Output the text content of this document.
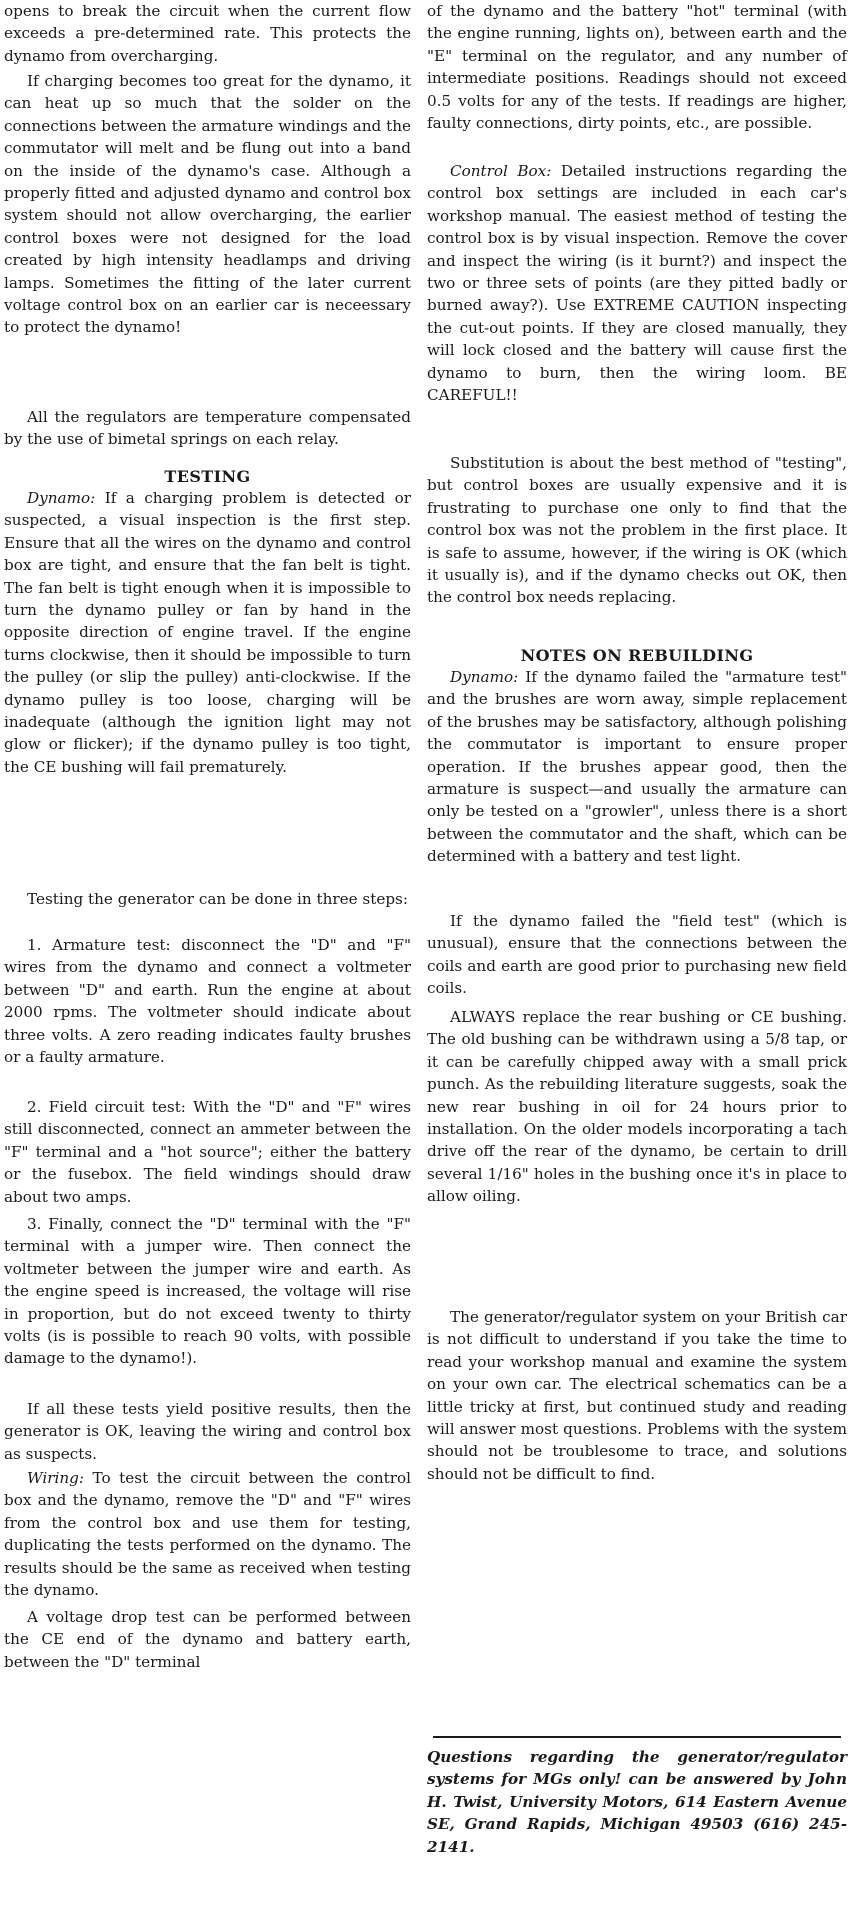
opens to break the circuit when the current flow exceeds a pre-determined rate. This protects the dynamo from overcharging.

If charging becomes too great for the dynamo, it can heat up so much that the solder on the connections between the armature windings and the commutator will melt and be flung out into a band on the inside of the dynamo's case. Although a properly fitted and adjusted dynamo and control box system should not allow overcharging, the earlier control boxes were not designed for the load created by high intensity headlamps and driving lamps. Sometimes the fitting of the later current voltage control box on an earlier car is neceessary to protect the dynamo!

All the regulators are temperature compensated by the use of bimetal springs on each relay.

TESTING

Dynamo: If a charging problem is detected or suspected, a visual inspection is the first step. Ensure that all the wires on the dynamo and control box are tight, and ensure that the fan belt is tight. The fan belt is tight enough when it is impossible to turn the dynamo pulley or fan by hand in the opposite direction of engine travel. If the engine turns clockwise, then it should be impossible to turn the pulley (or slip the pulley) anti-clockwise. If the dynamo pulley is too loose, charging will be inadequate (although the ignition light may not glow or flicker); if the dynamo pulley is too tight, the CE bushing will fail prematurely.

Testing the generator can be done in three steps:

1. Armature test: disconnect the "D" and "F" wires from the dynamo and connect a voltmeter between "D" and earth. Run the engine at about 2000 rpms. The voltmeter should indicate about three volts. A zero reading indicates faulty brushes or a faulty armature.

2. Field circuit test: With the "D" and "F" wires still disconnected, connect an ammeter between the "F" terminal and a "hot source"; either the battery or the fusebox. The field windings should draw about two amps.

3. Finally, connect the "D" terminal with the "F" terminal with a jumper wire. Then connect the voltmeter between the jumper wire and earth. As the engine speed is increased, the voltage will rise in proportion, but do not exceed twenty to thirty volts (is is possible to reach 90 volts, with possible damage to the dynamo!).

If all these tests yield positive results, then the generator is OK, leaving the wiring and control box as suspects.

Wiring: To test the circuit between the control box and the dynamo, remove the "D" and "F" wires from the control box and use them for testing, duplicating the tests performed on the dynamo. The results should be the same as received when testing the dynamo.

A voltage drop test can be performed between the CE end of the dynamo and battery earth, between the "D" terminal

of the dynamo and the battery "hot" terminal (with the engine running, lights on), between earth and the "E" terminal on the regulator, and any number of intermediate positions. Readings should not exceed 0.5 volts for any of the tests. If readings are higher, faulty connections, dirty points, etc., are possible.

Control Box: Detailed instructions regarding the control box settings are included in each car's workshop manual. The easiest method of testing the control box is by visual inspection. Remove the cover and inspect the wiring (is it burnt?) and inspect the two or three sets of points (are they pitted badly or burned away?). Use EXTREME CAUTION inspecting the cut-out points. If they are closed manually, they will lock closed and the battery will cause first the dynamo to burn, then the wiring loom. BE CAREFUL!!

Substitution is about the best method of "testing", but control boxes are usually expensive and it is frustrating to purchase one only to find that the control box was not the problem in the first place. It is safe to assume, however, if the wiring is OK (which it usually is), and if the dynamo checks out OK, then the control box needs replacing.

NOTES ON REBUILDING

Dynamo: If the dynamo failed the "armature test" and the brushes are worn away, simple replacement of the brushes may be satisfactory, although polishing the commutator is important to ensure proper operation. If the brushes appear good, then the armature is suspect—and usually the armature can only be tested on a "growler", unless there is a short between the commutator and the shaft, which can be determined with a battery and test light.

If the dynamo failed the "field test" (which is unusual), ensure that the connections between the coils and earth are good prior to purchasing new field coils.

ALWAYS replace the rear bushing or CE bushing. The old bushing can be withdrawn using a 5/8 tap, or it can be carefully chipped away with a small prick punch. As the rebuilding literature suggests, soak the new rear bushing in oil for 24 hours prior to installation. On the older models incorporating a tach drive off the rear of the dynamo, be certain to drill several 1/16" holes in the bushing once it's in place to allow oiling.

The generator/regulator system on your British car is not difficult to understand if you take the time to read your workshop manual and examine the system on your own car. The electrical schematics can be a little tricky at first, but continued study and reading will answer most questions. Problems with the system should not be troublesome to trace, and solutions should not be difficult to find.

Questions regarding the generator/regulator systems for MGs only! can be answered by John H. Twist, University Motors, 614 Eastern Avenue SE, Grand Rapids, Michigan 49503 (616) 245-2141.
